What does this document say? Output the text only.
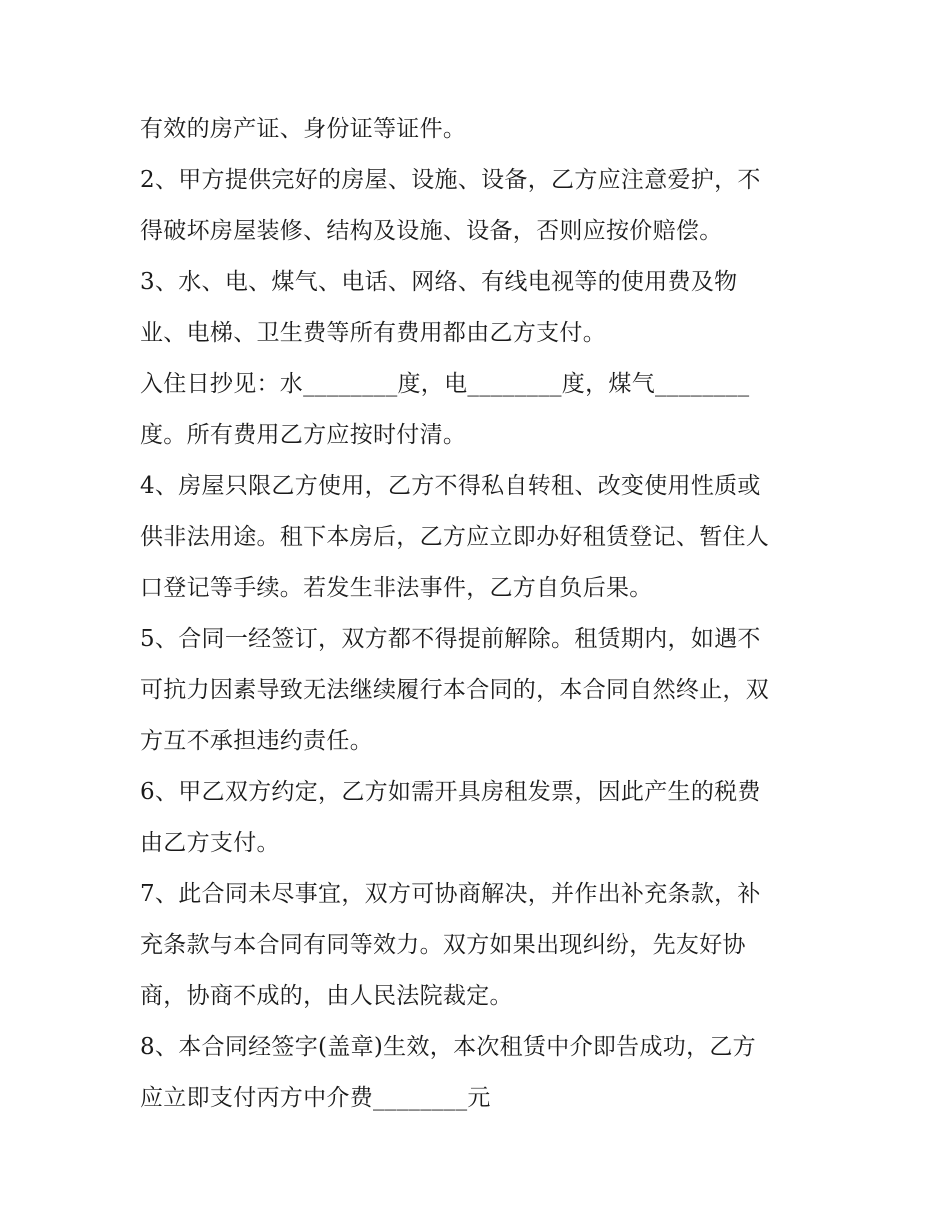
有效的房产证、身份证等证件。
2、甲方提供完好的房屋、设施、设备，乙方应注意爱护，不
得破坏房屋装修、结构及设施、设备，否则应按价赔偿。
3、水、电、煤气、电话、网络、有线电视等的使用费及物
业、电梯、卫生费等所有费用都由乙方支付。
入住日抄见：水________度，电________度，煤气________
度。所有费用乙方应按时付清。
4、房屋只限乙方使用，乙方不得私自转租、改变使用性质或
供非法用途。租下本房后，乙方应立即办好租赁登记、暂住人
口登记等手续。若发生非法事件，乙方自负后果。
5、合同一经签订，双方都不得提前解除。租赁期内，如遇不
可抗力因素导致无法继续履行本合同的，本合同自然终止，双
方互不承担违约责任。
6、甲乙双方约定，乙方如需开具房租发票，因此产生的税费
由乙方支付。
7、此合同未尽事宜，双方可协商解决，并作出补充条款，补
充条款与本合同有同等效力。双方如果出现纠纷，先友好协
商，协商不成的，由人民法院裁定。
8、本合同经签字(盖章)生效，本次租赁中介即告成功，乙方
应立即支付丙方中介费________元
